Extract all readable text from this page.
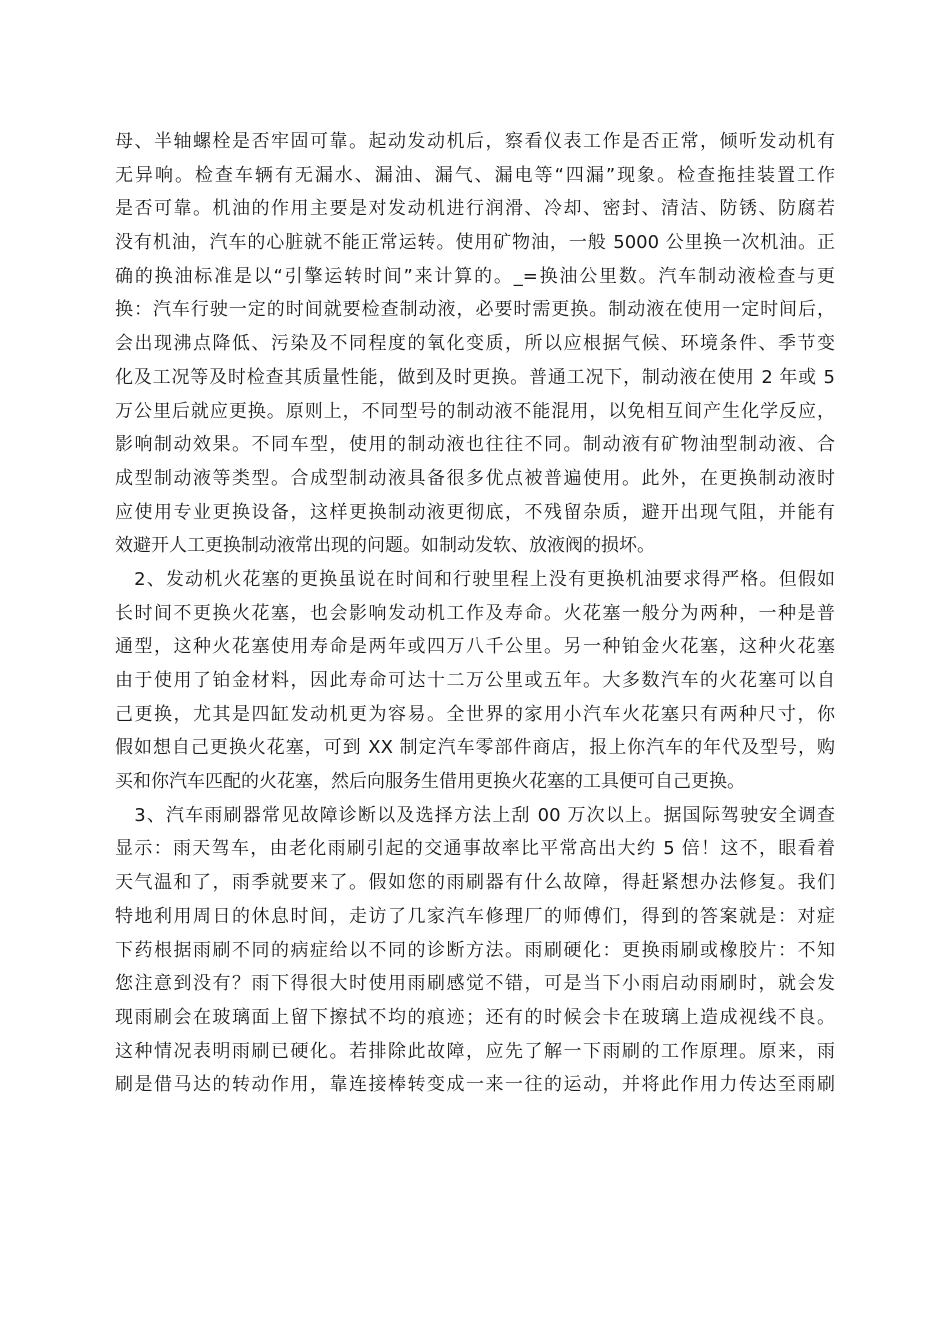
母、半轴螺栓是否牢固可靠。起动发动机后，察看仪表工作是否正常，倾听发动机有
无异响。检查车辆有无漏水、漏油、漏气、漏电等“四漏”现象。检查拖挂装置工作
是否可靠。机油的作用主要是对发动机进行润滑、冷却、密封、清洁、防锈、防腐若
没有机油，汽车的心脏就不能正常运转。使用矿物油，一般 5000 公里换一次机油。正
确的换油标准是以“引擎运转时间”来计算的。_=换油公里数。汽车制动液检查与更
换：汽车行驶一定的时间就要检查制动液，必要时需更换。制动液在使用一定时间后，
会出现沸点降低、污染及不同程度的氧化变质，所以应根据气候、环境条件、季节变
化及工况等及时检查其质量性能，做到及时更换。普通工况下，制动液在使用 2 年或 5
万公里后就应更换。原则上，不同型号的制动液不能混用，以免相互间产生化学反应，
影响制动效果。不同车型，使用的制动液也往往不同。制动液有矿物油型制动液、合
成型制动液等类型。合成型制动液具备很多优点被普遍使用。此外，在更换制动液时
应使用专业更换设备，这样更换制动液更彻底，不残留杂质，避开出现气阻，并能有
效避开人工更换制动液常出现的问题。如制动发软、放液阀的损坏。
　2、发动机火花塞的更换虽说在时间和行驶里程上没有更换机油要求得严格。但假如
长时间不更换火花塞，也会影响发动机工作及寿命。火花塞一般分为两种，一种是普
通型，这种火花塞使用寿命是两年或四万八千公里。另一种铂金火花塞，这种火花塞
由于使用了铂金材料，因此寿命可达十二万公里或五年。大多数汽车的火花塞可以自
己更换，尤其是四缸发动机更为容易。全世界的家用小汽车火花塞只有两种尺寸，你
假如想自己更换火花塞，可到 XX 制定汽车零部件商店，报上你汽车的年代及型号，购
买和你汽车匹配的火花塞，然后向服务生借用更换火花塞的工具便可自己更换。
　3、汽车雨刷器常见故障诊断以及选择方法上刮 00 万次以上。据国际驾驶安全调查
显示：雨天驾车，由老化雨刷引起的交通事故率比平常高出大约 5 倍！这不，眼看着
天气温和了，雨季就要来了。假如您的雨刷器有什么故障，得赶紧想办法修复。我们
特地利用周日的休息时间，走访了几家汽车修理厂的师傅们，得到的答案就是：对症
下药根据雨刷不同的病症给以不同的诊断方法。雨刷硬化：更换雨刷或橡胶片：不知
您注意到没有？雨下得很大时使用雨刷感觉不错，可是当下小雨启动雨刷时，就会发
现雨刷会在玻璃面上留下擦拭不均的痕迹；还有的时候会卡在玻璃上造成视线不良。
这种情况表明雨刷已硬化。若排除此故障，应先了解一下雨刷的工作原理。原来，雨
刷是借马达的转动作用，靠连接棒转变成一来一往的运动，并将此作用力传达至雨刷
